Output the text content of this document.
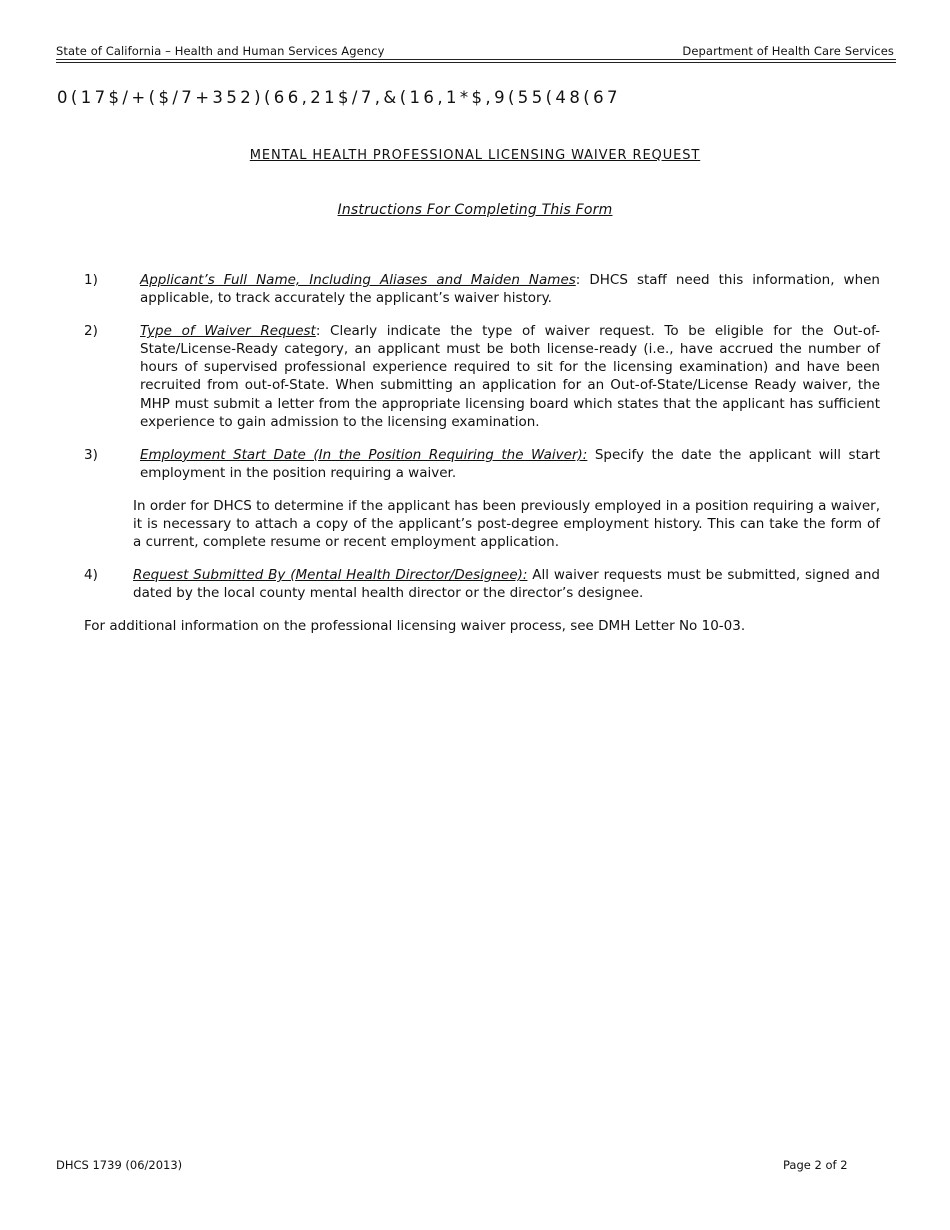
State of California – Health and Human Services Agency	Department of Health Care Services
0(17$/+($/7+352)(66,21$/7,&(16,1*$,9(55(48(67
MENTAL HEALTH PROFESSIONAL LICENSING WAIVER REQUEST
Instructions For Completing This Form
1)	Applicant’s Full Name, Including Aliases and Maiden Names: DHCS staff need this information, when applicable, to track accurately the applicant’s waiver history.
2)	Type of Waiver Request: Clearly indicate the type of waiver request. To be eligible for the Out-of-State/License-Ready category, an applicant must be both license-ready (i.e., have accrued the number of hours of supervised professional experience required to sit for the licensing examination) and have been recruited from out-of-State. When submitting an application for an Out-of-State/License Ready waiver, the MHP must submit a letter from the appropriate licensing board which states that the applicant has sufficient experience to gain admission to the licensing examination.
3)	Employment Start Date (In the Position Requiring the Waiver): Specify the date the applicant will start employment in the position requiring a waiver.
In order for DHCS to determine if the applicant has been previously employed in a position requiring a waiver, it is necessary to attach a copy of the applicant’s post-degree employment history. This can take the form of a current, complete resume or recent employment application.
4)	Request Submitted By (Mental Health Director/Designee): All waiver requests must be submitted, signed and dated by the local county mental health director or the director’s designee.
For additional information on the professional licensing waiver process, see DMH Letter No 10-03.
DHCS 1739 (06/2013)	Page 2 of 2
